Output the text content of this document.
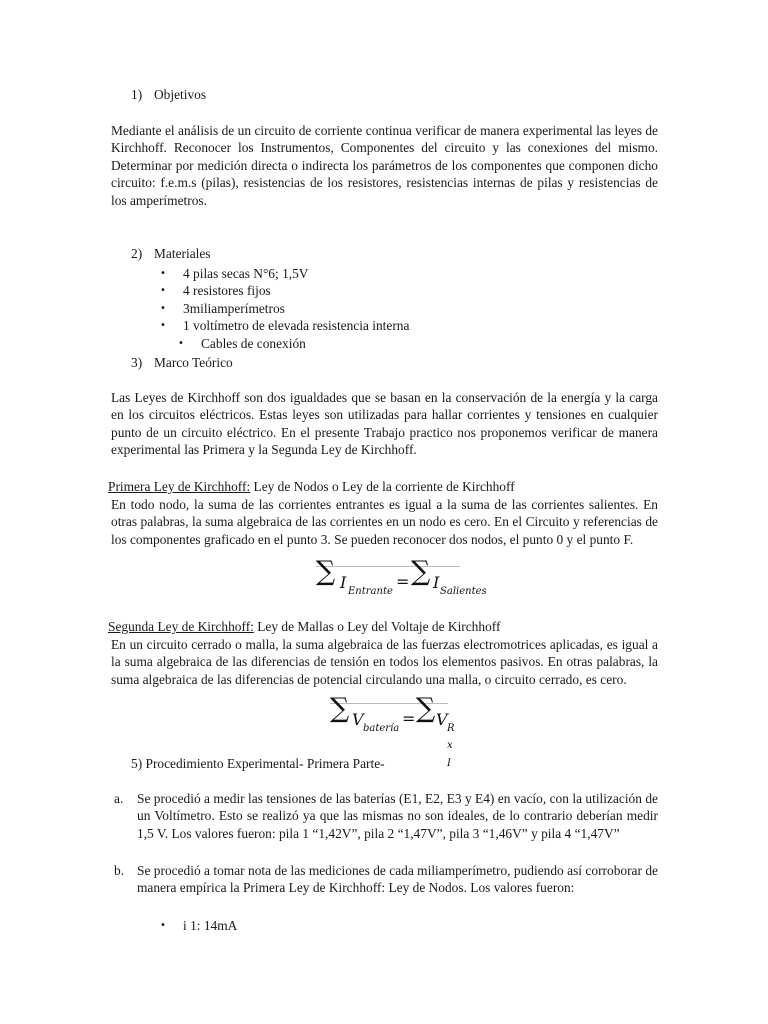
1) Objetivos
Mediante el análisis de un circuito de corriente continua verificar de manera experimental las leyes de Kirchhoff. Reconocer los Instrumentos, Componentes del circuito y las conexiones del mismo. Determinar por medición directa o indirecta los parámetros de los componentes que componen dicho circuito: f.e.m.s (pilas), resistencias de los resistores, resistencias internas de pilas y resistencias de los amperímetros.
2) Materiales
• 4 pilas secas N°6; 1,5V
• 4 resistores fijos
• 3miliamperímetros
• 1 voltímetro de elevada resistencia interna
• Cables de conexión
3) Marco Teórico
Las Leyes de Kirchhoff son dos igualdades que se basan en la conservación de la energía y la carga en los circuitos eléctricos. Estas leyes son utilizadas para hallar corrientes y tensiones en cualquier punto de un circuito eléctrico. En el presente Trabajo practico nos proponemos verificar de manera experimental las Primera y la Segunda Ley de Kirchhoff.
Primera Ley de Kirchhoff: Ley de Nodos o Ley de la corriente de Kirchhoff
En todo nodo, la suma de las corrientes entrantes es igual a la suma de las corrientes salientes. En otras palabras, la suma algebraica de las corrientes en un nodo es cero. En el Circuito y referencias de los componentes graficado en el punto 3. Se pueden reconocer dos nodos, el punto 0 y el punto F.
∑ I Entrante
= ∑ I Salientes
Segunda Ley de Kirchhoff: Ley de Mallas o Ley del Voltaje de Kirchhoff
En un circuito cerrado o malla, la suma algebraica de las fuerzas electromotrices aplicadas, es igual a la suma algebraica de las diferencias de tensión en todos los elementos pasivos. En otras palabras, la suma algebraica de las diferencias de potencial circulando una malla, o circuito cerrado, es cero.
∑ V batería
= ∑ V R x I
5) Procedimiento Experimental- Primera Parte-
a. Se procedió a medir las tensiones de las baterías (E1, E2, E3 y E4) en vacío, con la utilización de un Voltímetro. Esto se realizó ya que las mismas no son ideales, de lo contrario deberían medir 1,5 V. Los valores fueron: pila 1 “1,42V”, pila 2 “1,47V”, pila 3 “1,46V” y pila 4 “1,47V”
b. Se procedió a tomar nota de las mediciones de cada miliamperímetro, pudiendo así corroborar de manera empírica la Primera Ley de Kirchhoff: Ley de Nodos. Los valores fueron:
• i 1: 14mA
